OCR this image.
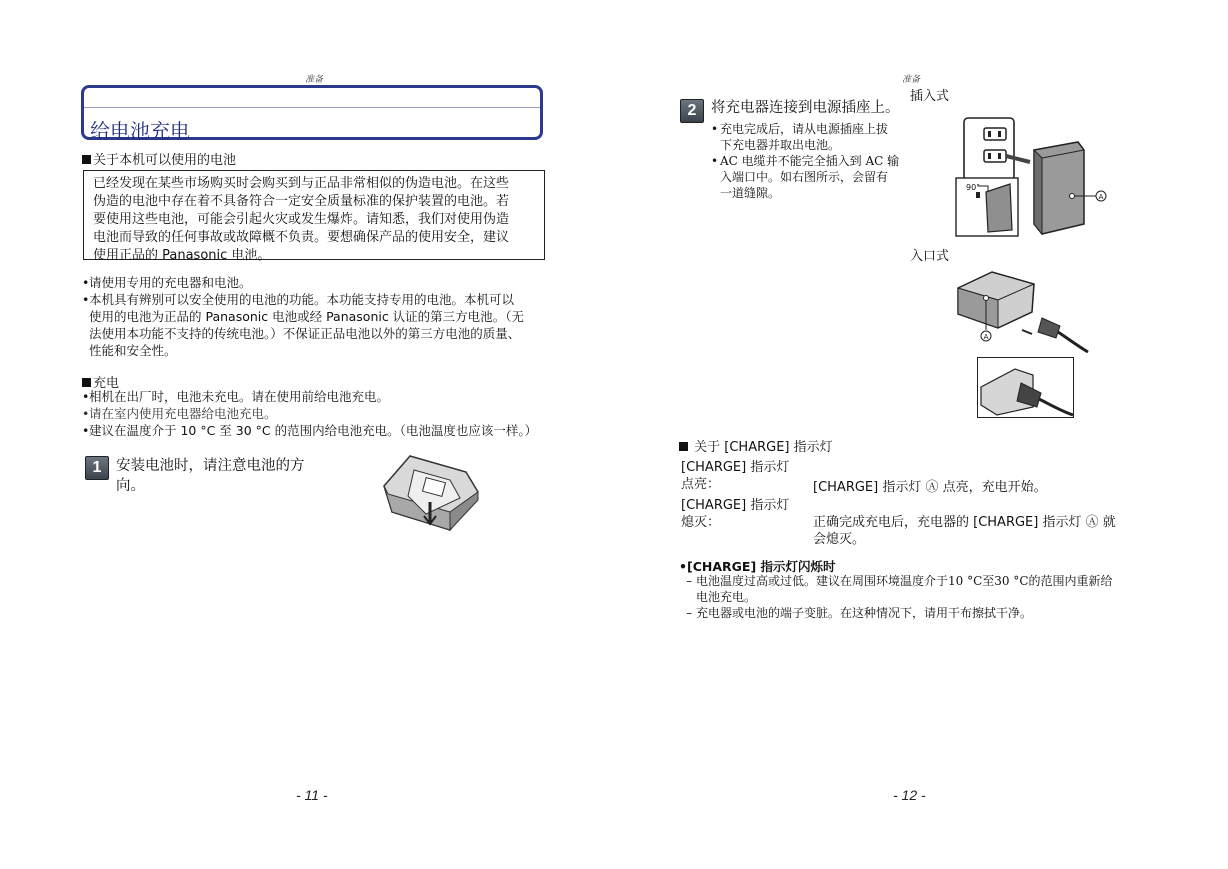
准备
给电池充电
关于本机可以使用的电池
已经发现在某些市场购买时会购买到与正品非常相似的伪造电池。在这些
伪造的电池中存在着不具备符合一定安全质量标准的保护装置的电池。若
要使用这些电池，可能会引起火灾或发生爆炸。请知悉，我们对使用伪造
电池而导致的任何事故或故障概不负责。要想确保产品的使用安全，建议
使用正品的 Panasonic 电池。
•请使用专用的充电器和电池。
•本机具有辨别可以安全使用的电池的功能。本功能支持专用的电池。本机可以
使用的电池为正品的 Panasonic 电池或经 Panasonic 认证的第三方电池。（无
法使用本功能不支持的传统电池。）不保证正品电池以外的第三方电池的质量、
性能和安全性。
充电
•相机在出厂时，电池未充电。请在使用前给电池充电。
•请在室内使用充电器给电池充电。
•建议在温度介于 10 °C 至 30 °C 的范围内给电池充电。（电池温度也应该一样。）
1	安装电池时，请注意电池的方
向。
- 11 -
准备
插入式
2	将充电器连接到电源插座上。
• 充电完成后，请从电源插座上拔
下充电器并取出电池。
• AC 电缆并不能完全插入到 AC 输
入端口中。如右图所示，会留有
一道缝隙。	A
90°
入口式
A
关于 [CHARGE] 指示灯
[CHARGE] 指示灯
点亮：	[CHARGE] 指示灯 Ⓐ 点亮，充电开始。
[CHARGE] 指示灯
熄灭：	正确完成充电后，充电器的 [CHARGE] 指示灯 Ⓐ 就
会熄灭。
•[CHARGE] 指示灯闪烁时
– 电池温度过高或过低。建议在周围环境温度介于10 °C至30 °C的范围内重新给
电池充电。
– 充电器或电池的端子变脏。在这种情况下，请用干布擦拭干净。
- 12 -
